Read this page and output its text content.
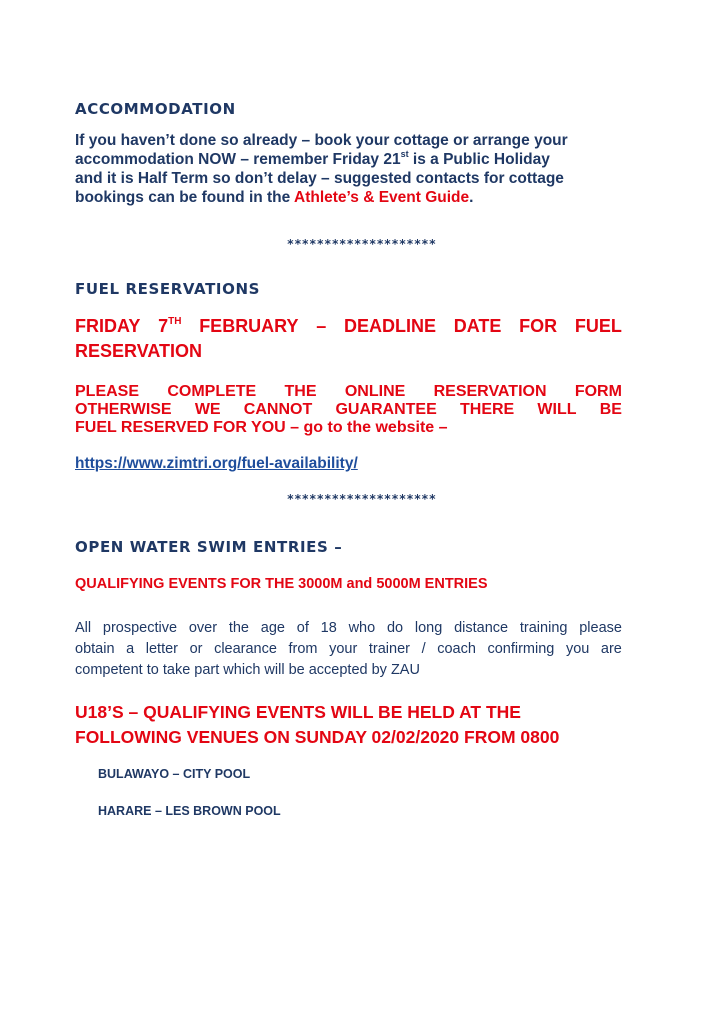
ACCOMMODATION
If you haven’t done so already – book your cottage or arrange your
accommodation NOW – remember Friday 21st is a Public Holiday
and it is Half Term so don’t delay – suggested contacts for cottage
bookings can be found in the Athlete’s & Event Guide.

********************

FUEL RESERVATIONS
FRIDAY 7TH FEBRUARY – DEADLINE DATE FOR FUEL
RESERVATION
PLEASE COMPLETE THE ONLINE RESERVATION FORM
OTHERWISE WE CANNOT GUARANTEE THERE WILL BE
FUEL RESERVED FOR YOU – go to the website –
https://www.zimtri.org/fuel-availability/

********************

OPEN WATER SWIM ENTRIES –

QUALIFYING EVENTS FOR THE 3000M and 5000M ENTRIES

All prospective over the age of 18 who do long distance training please
obtain a letter or clearance from your trainer / coach confirming you are
competent to take part which will be accepted by ZAU
U18’S – QUALIFYING EVENTS WILL BE HELD AT THE
FOLLOWING VENUES ON SUNDAY 02/02/2020 FROM 0800

BULAWAYO – CITY POOL

HARARE – LES BROWN POOL
